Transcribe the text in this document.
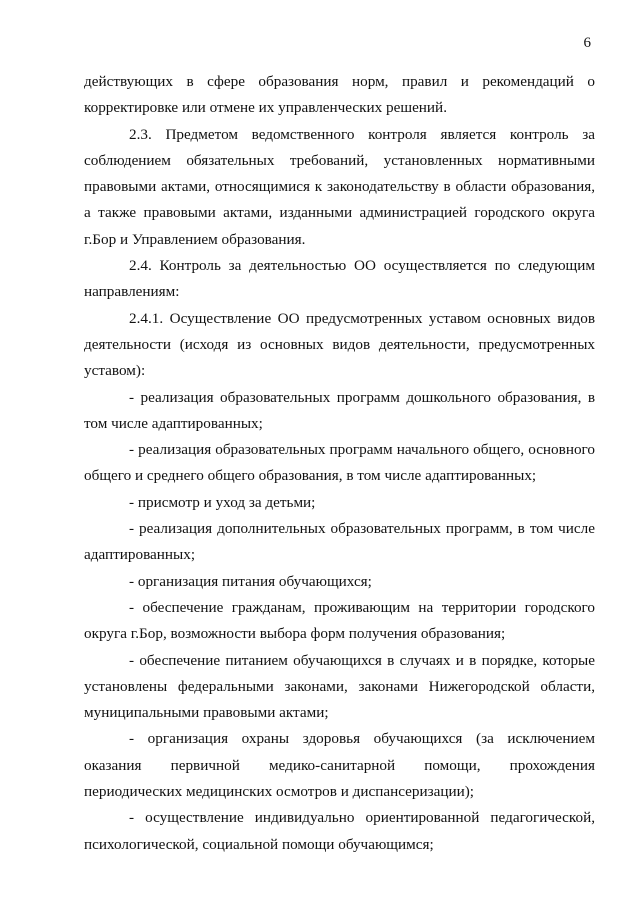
6

действующих в сфере образования норм, правил и рекомендаций о корректировке или отмене их управленческих решений.

2.3. Предметом ведомственного контроля является контроль за соблюдением обязательных требований, установленных нормативными правовыми актами, относящимися к законодательству в области образования, а также правовыми актами, изданными администрацией городского округа г.Бор и Управлением образования.

2.4. Контроль за деятельностью ОО осуществляется по следующим направлениям:

2.4.1. Осуществление ОО предусмотренных уставом основных видов деятельности (исходя из основных видов деятельности, предусмотренных уставом):

- реализация образовательных программ дошкольного образования, в том числе адаптированных;

- реализация образовательных программ начального общего, основного общего и среднего общего образования, в том числе адаптированных;

- присмотр и уход за детьми;

- реализация дополнительных образовательных программ, в том числе адаптированных;

- организация питания обучающихся;

- обеспечение гражданам, проживающим на территории городского округа г.Бор, возможности выбора форм получения образования;

- обеспечение питанием обучающихся в случаях и в порядке, которые установлены федеральными законами, законами Нижегородской области, муниципальными правовыми актами;

- организация охраны здоровья обучающихся (за исключением оказания первичной медико-санитарной помощи, прохождения периодических медицинских осмотров и диспансеризации);

- осуществление индивидуально ориентированной педагогической, психологической, социальной помощи обучающимся;
